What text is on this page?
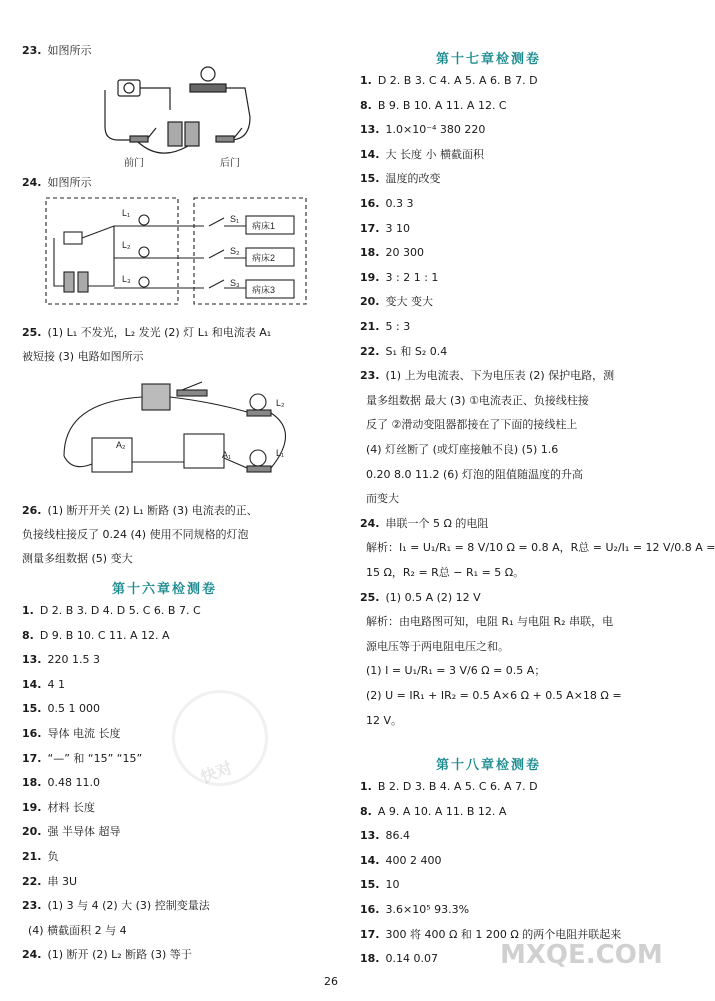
23. 如图所示
前门	后门
24. 如图所示
L₁
L₂
L₃
S₁
S₂
S₃
病床1
病床2
病床3
25. (1) L₁ 不发光，L₂ 发光 (2) 灯 L₁ 和电流表 A₁
被短接 (3) 电路如图所示
L₂
L₁
A₂
A₁
26. (1) 断开开关 (2) L₁ 断路 (3) 电流表的正、
负接线柱接反了 0.24 (4) 使用不同规格的灯泡
测量多组数据 (5) 变大
第十六章检测卷
1. D 2. B 3. D 4. D 5. C 6. B 7. C
8. D 9. B 10. C 11. A 12. A
13. 220 1.5 3
14. 4 1
15. 0.5 1 000
16. 导体 电流 长度
17. “—” 和 “15” “15”
18. 0.48 11.0
19. 材料 长度
20. 强 半导体 超导
21. 负
22. 串 3U
23. (1) 3 与 4 (2) 大 (3) 控制变量法
(4) 横截面积 2 与 4
24. (1) 断开 (2) L₂ 断路 (3) 等于
第十七章检测卷
1. D 2. B 3. C 4. A 5. A 6. B 7. D
8. B 9. B 10. A 11. A 12. C
13. 1.0×10⁻⁴ 380 220
14. 大 长度 小 横截面积
15. 温度的改变
16. 0.3 3
17. 3 10
18. 20 300
19. 3 : 2 1 : 1
20. 变大 变大
21. 5 : 3
22. S₁ 和 S₂ 0.4
23. (1) 上为电流表、下为电压表 (2) 保护电路，测
量多组数据 最大 (3) ①电流表正、负接线柱接
反了 ②滑动变阻器都接在了下面的接线柱上
(4) 灯丝断了 (或灯座接触不良) (5) 1.6
0.20 8.0 11.2 (6) 灯泡的阻值随温度的升高
而变大
24. 串联一个 5 Ω 的电阻
解析：I₁ = U₁/R₁ = 8 V/10 Ω = 0.8 A，R总 = U₂/I₁ = 12 V/0.8 A =
15 Ω，R₂ = R总 − R₁ = 5 Ω。
25. (1) 0.5 A (2) 12 V
解析：由电路图可知，电阻 R₁ 与电阻 R₂ 串联，电
源电压等于两电阻电压之和。
(1) I = U₁/R₁ = 3 V/6 Ω = 0.5 A；
(2) U = IR₁ + IR₂ = 0.5 A×6 Ω + 0.5 A×18 Ω =
12 V。
第十八章检测卷
1. B 2. D 3. B 4. A 5. C 6. A 7. D
8. A 9. A 10. A 11. B 12. A
13. 86.4
14. 400 2 400
15. 10
16. 3.6×10⁵ 93.3%
17. 300 将 400 Ω 和 1 200 Ω 的两个电阻并联起来
18. 0.14 0.07
快对
MXQE.COM
26
